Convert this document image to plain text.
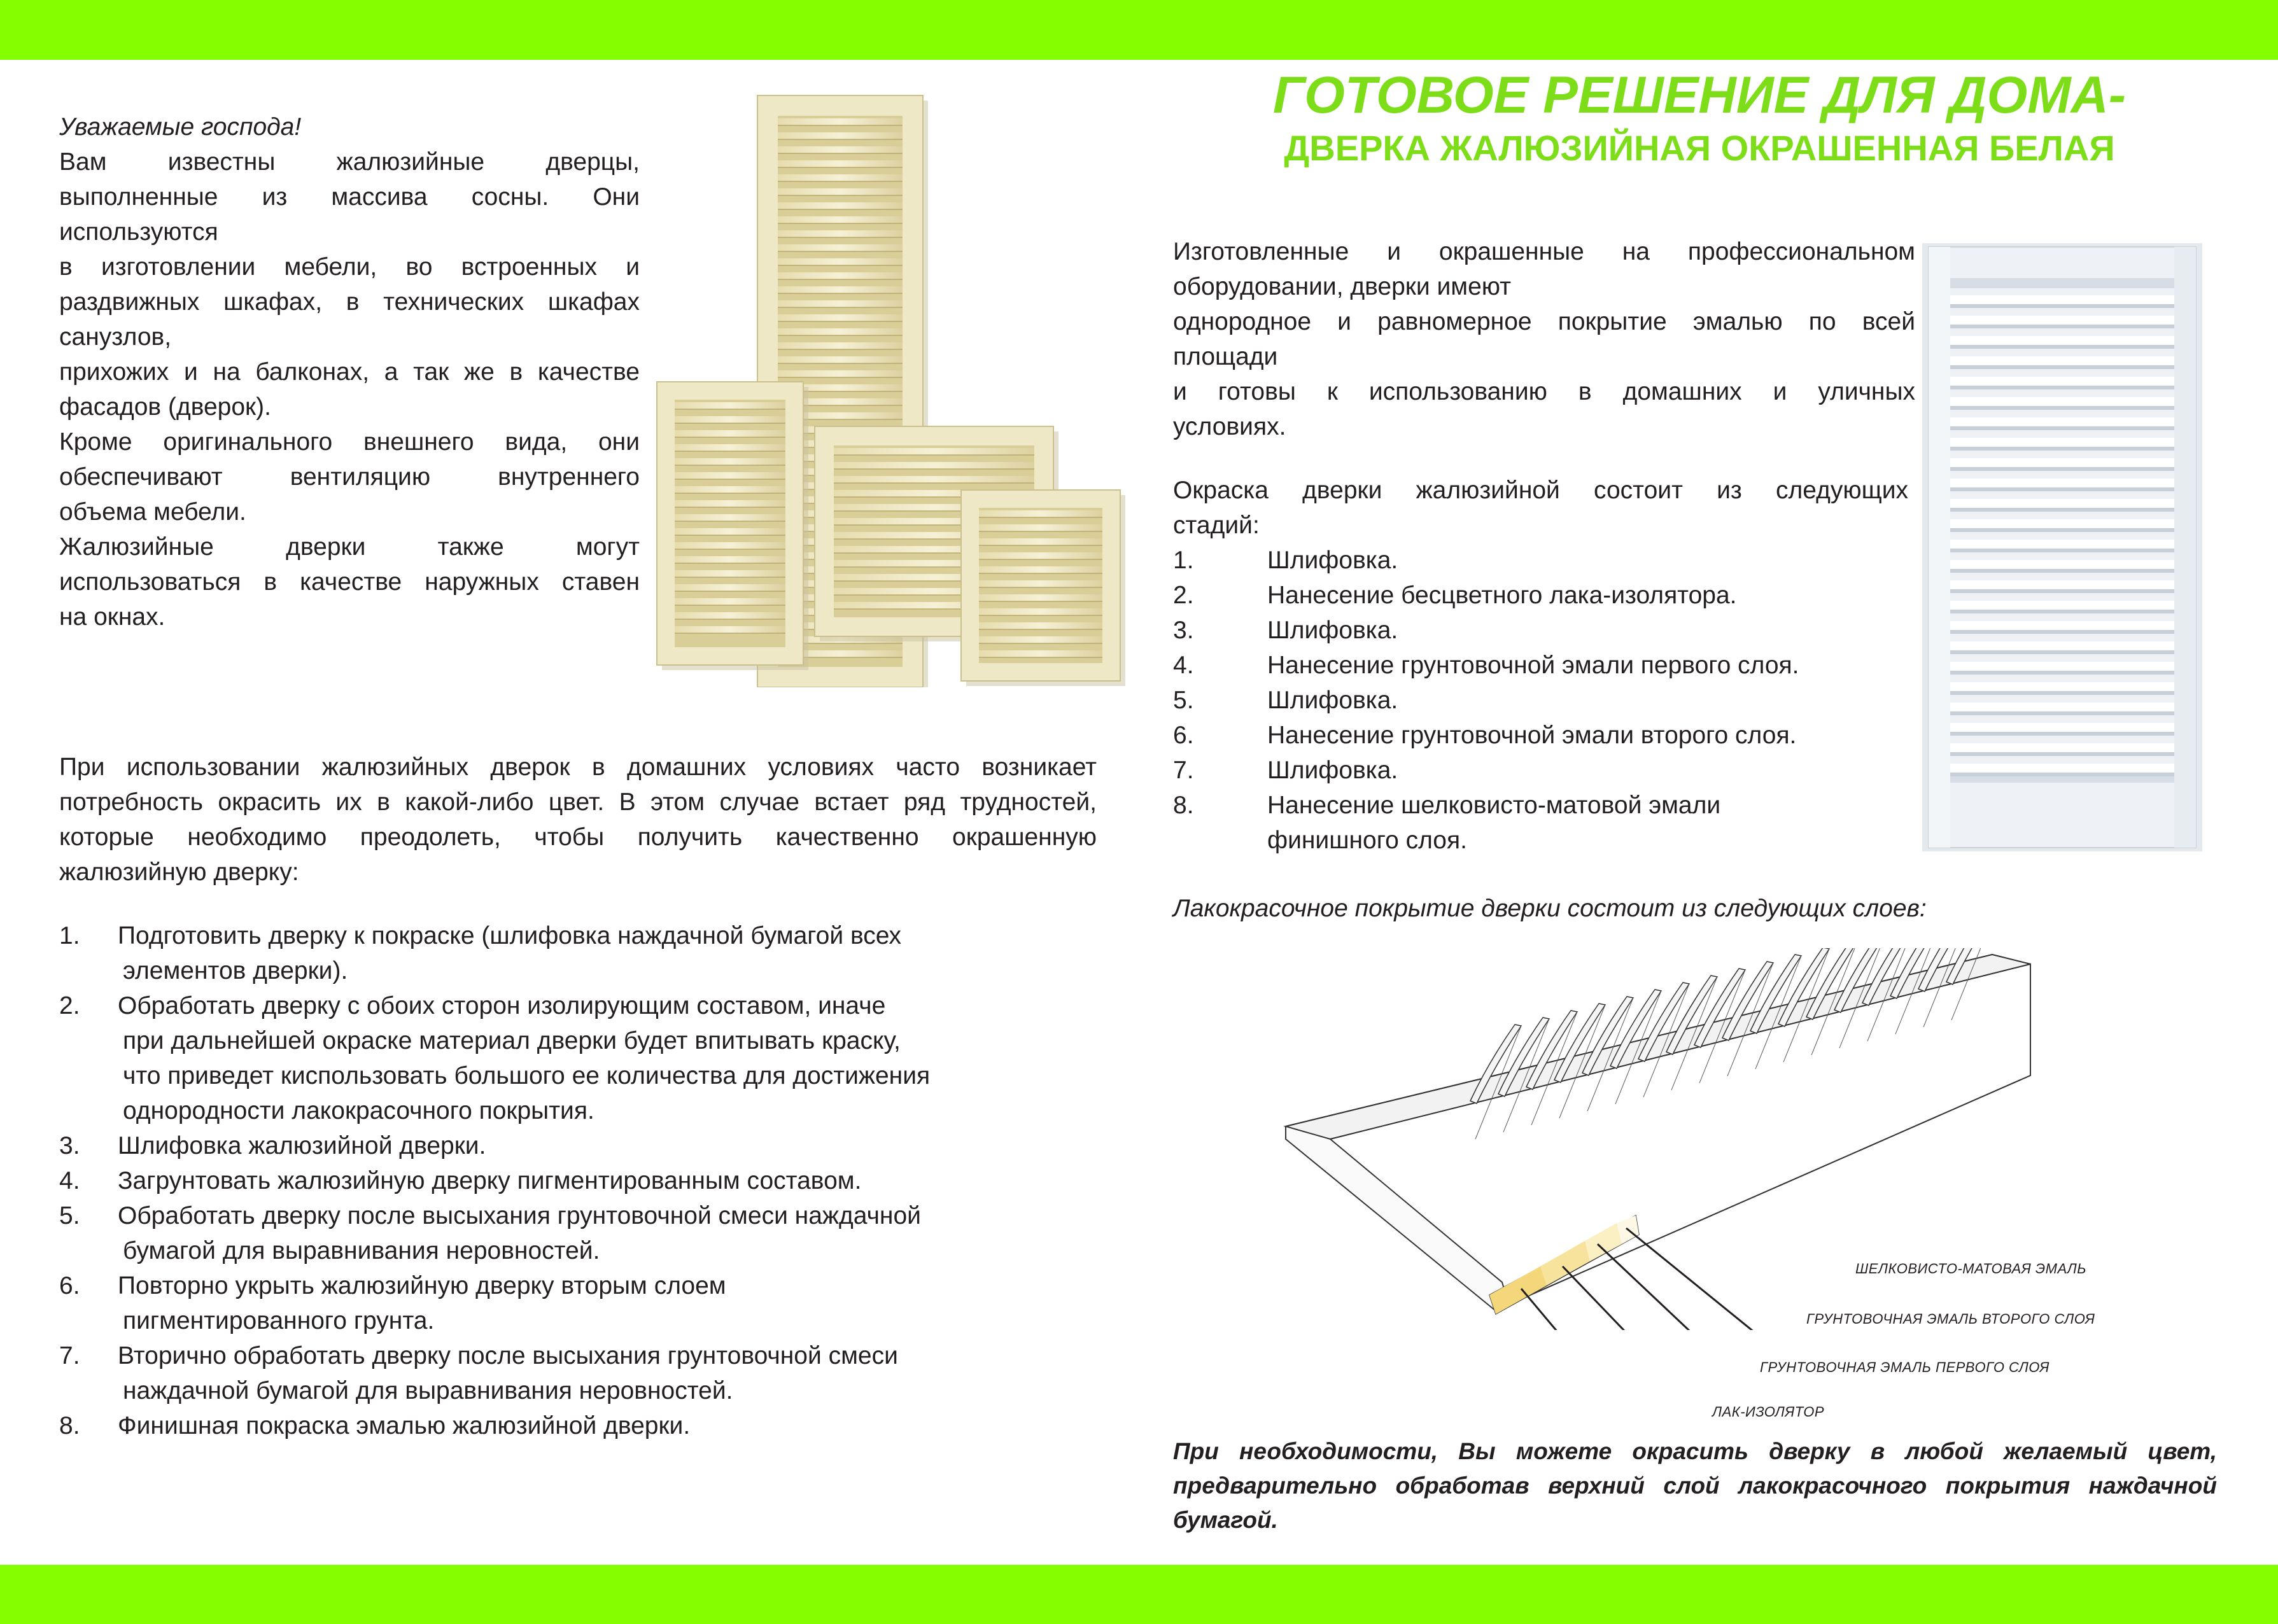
Уважаемые господа!
Вам известны жалюзийные дверцы,
выполненные из массива сосны. Они
используются
в изготовлении мебели, во встроенных и
раздвижных шкафах, в технических шкафах
санузлов,
прихожих и на балконах, а так же в качестве
фасадов (дверок).
Кроме оригинального внешнего вида, они
обеспечивают вентиляцию внутреннего
объема мебели.
Жалюзийные дверки также могут
использоваться в качестве наружных ставен
на окнах.
При использовании жалюзийных дверок в домашних условиях часто возникает
потребность окрасить их в какой-либо цвет. В этом случае встает ряд трудностей,
которые необходимо преодолеть, чтобы получить качественно окрашенную
жалюзийную дверку:
1. Подготовить дверку к покраске (шлифовка наждачной бумагой всех
элементов дверки).
2. Обработать дверку с обоих сторон изолирующим составом, иначе
при дальнейшей окраске материал дверки будет впитывать краску,
что приведет киспользовать большого ее количества для достижения
однородности лакокрасочного покрытия.
3. Шлифовка жалюзийной дверки.
4. Загрунтовать жалюзийную дверку пигментированным составом.
5. Обработать дверку после высыхания грунтовочной смеси наждачной
бумагой для выравнивания неровностей.
6. Повторно укрыть жалюзийную дверку вторым слоем
пигментированного грунта.
7. Вторично обработать дверку после высыхания грунтовочной смеси
наждачной бумагой для выравнивания неровностей.
8. Финишная покраска эмалью жалюзийной дверки.
ГОТОВОЕ РЕШЕНИЕ ДЛЯ ДОМА-
ДВЕРКА ЖАЛЮЗИЙНАЯ ОКРАШЕННАЯ БЕЛАЯ
Изготовленные и окрашенные на профессиональном
оборудовании, дверки имеют
однородное и равномерное покрытие эмалью по всей
площади
и готовы к использованию в домашних и уличных
условиях.
Окраска дверки жалюзийной состоит из следующих
стадий:
1.	Шлифовка.
2.	Нанесение бесцветного лака-изолятора.
3.	Шлифовка.
4.	Нанесение грунтовочной эмали первого слоя.
5.	Шлифовка.
6.	Нанесение грунтовочной эмали второго слоя.
7.	Шлифовка.
8.	Нанесение шелковисто-матовой эмали
финишного слоя.
Лакокрасочное покрытие дверки состоит из следующих слоев:
ШЕЛКОВИСТО-МАТОВАЯ ЭМАЛЬ
ГРУНТОВОЧНАЯ ЭМАЛЬ ВТОРОГО СЛОЯ
ГРУНТОВОЧНАЯ ЭМАЛЬ ПЕРВОГО СЛОЯ
ЛАК-ИЗОЛЯТОР
При необходимости, Вы можете окрасить дверку в любой желаемый цвет, предварительно обработав верхний слой лакокрасочного покрытия наждачной бумагой.
